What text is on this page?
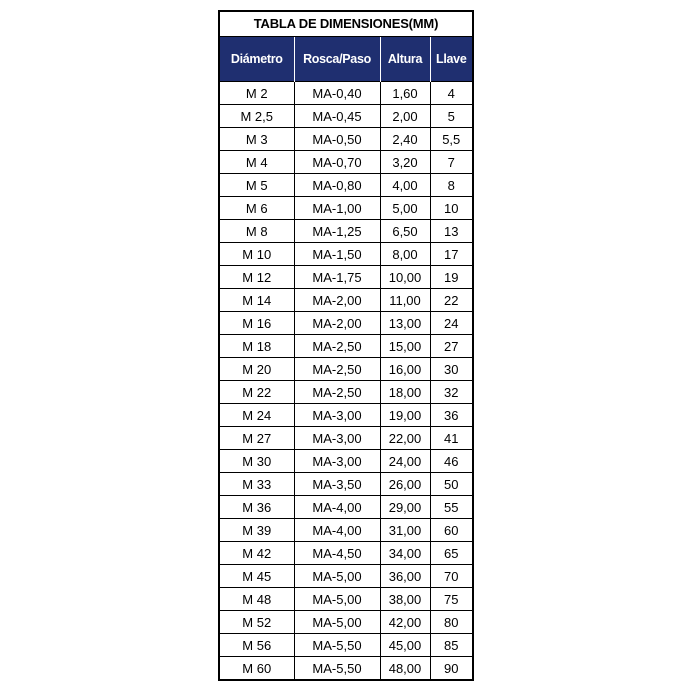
TABLA DE DIMENSIONES(MM)
Diámetro	Rosca/Paso	Altura	Llave
M 2	MA-0,40	1,60	4
M 2,5	MA-0,45	2,00	5
M 3	MA-0,50	2,40	5,5
M 4	MA-0,70	3,20	7
M 5	MA-0,80	4,00	8
M 6	MA-1,00	5,00	10
M 8	MA-1,25	6,50	13
M 10	MA-1,50	8,00	17
M 12	MA-1,75	10,00	19
M 14	MA-2,00	11,00	22
M 16	MA-2,00	13,00	24
M 18	MA-2,50	15,00	27
M 20	MA-2,50	16,00	30
M 22	MA-2,50	18,00	32
M 24	MA-3,00	19,00	36
M 27	MA-3,00	22,00	41
M 30	MA-3,00	24,00	46
M 33	MA-3,50	26,00	50
M 36	MA-4,00	29,00	55
M 39	MA-4,00	31,00	60
M 42	MA-4,50	34,00	65
M 45	MA-5,00	36,00	70
M 48	MA-5,00	38,00	75
M 52	MA-5,00	42,00	80
M 56	MA-5,50	45,00	85
M 60	MA-5,50	48,00	90
